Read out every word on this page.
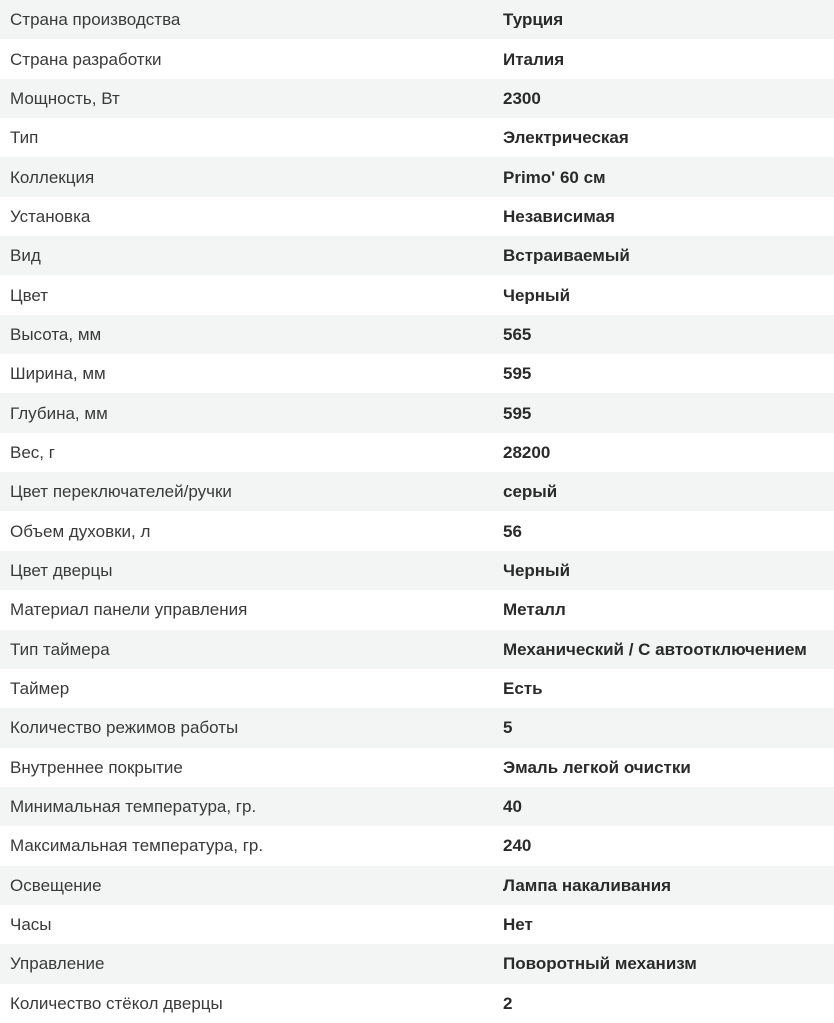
Страна производства	Турция
Страна разработки	Италия
Мощность, Вт	2300
Тип	Электрическая
Коллекция	Primo' 60 см
Установка	Независимая
Вид	Встраиваемый
Цвет	Черный
Высота, мм	565
Ширина, мм	595
Глубина, мм	595
Вес, г	28200
Цвет переключателей/ручки	серый
Объем духовки, л	56
Цвет дверцы	Черный
Материал панели управления	Металл
Тип таймера	Механический / С автоотключением
Таймер	Есть
Количество режимов работы	5
Внутреннее покрытие	Эмаль легкой очистки
Минимальная температура, гр.	40
Максимальная температура, гр.	240
Освещение	Лампа накаливания
Часы	Нет
Управление	Поворотный механизм
Количество стёкол дверцы	2
